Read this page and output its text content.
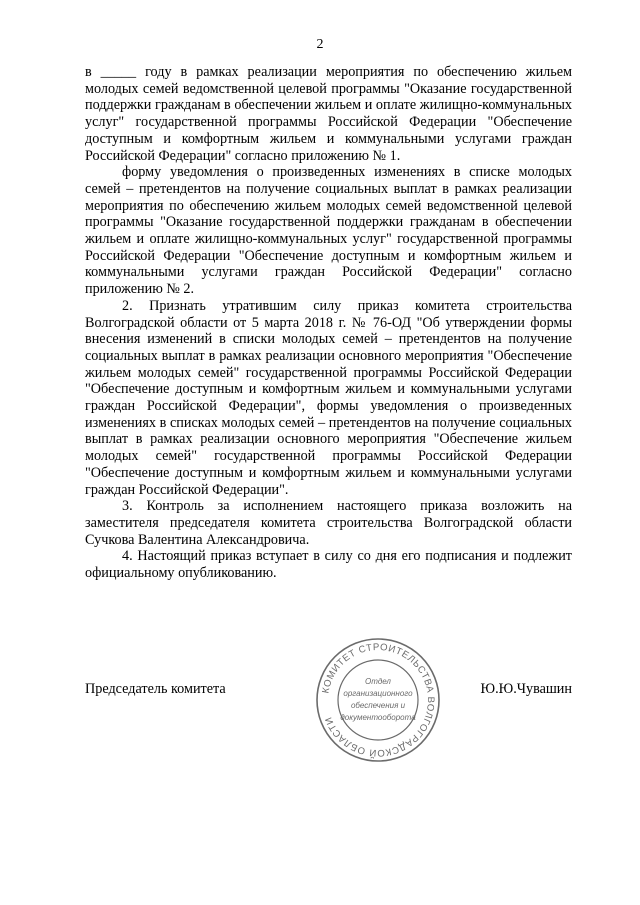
2

в _____ году в рамках реализации мероприятия по обеспечению жильем молодых семей ведомственной целевой программы "Оказание государственной поддержки гражданам в обеспечении жильем и оплате жилищно-коммунальных услуг" государственной программы Российской Федерации "Обеспечение доступным и комфортным жильем и коммунальными услугами граждан Российской Федерации" согласно приложению № 1.

форму уведомления о произведенных изменениях в списке молодых семей – претендентов на получение социальных выплат в рамках реализации мероприятия по обеспечению жильем молодых семей ведомственной целевой программы "Оказание государственной поддержки гражданам в обеспечении жильем и оплате жилищно-коммунальных услуг" государственной программы Российской Федерации "Обеспечение доступным и комфортным жильем и коммунальными услугами граждан Российской Федерации" согласно приложению № 2.

2. Признать утратившим силу приказ комитета строительства Волгоградской области от 5 марта 2018 г. № 76-ОД "Об утверждении формы внесения изменений в списки молодых семей – претендентов на получение социальных выплат в рамках реализации основного мероприятия "Обеспечение жильем молодых семей" государственной программы Российской Федерации "Обеспечение доступным и комфортным жильем и коммунальными услугами граждан Российской Федерации", формы уведомления о произведенных изменениях в списках молодых семей – претендентов на получение социальных выплат в рамках реализации основного мероприятия "Обеспечение жильем молодых семей" государственной программы Российской Федерации "Обеспечение доступным и комфортным жильем и коммунальными услугами граждан Российской Федерации".

3. Контроль за исполнением настоящего приказа возложить на заместителя председателя комитета строительства Волгоградской области Сучкова Валентина Александровича.

4. Настоящий приказ вступает в силу со дня его подписания и подлежит официальному опубликованию.

Председатель комитета	Ю.Ю.Чувашин
КОМИТЕТ СТРОИТЕЛЬСТВА ВОЛГОГРАДСКОЙ ОБЛАСТИ
Отдел
организационного
обеспечения и
документооборота
